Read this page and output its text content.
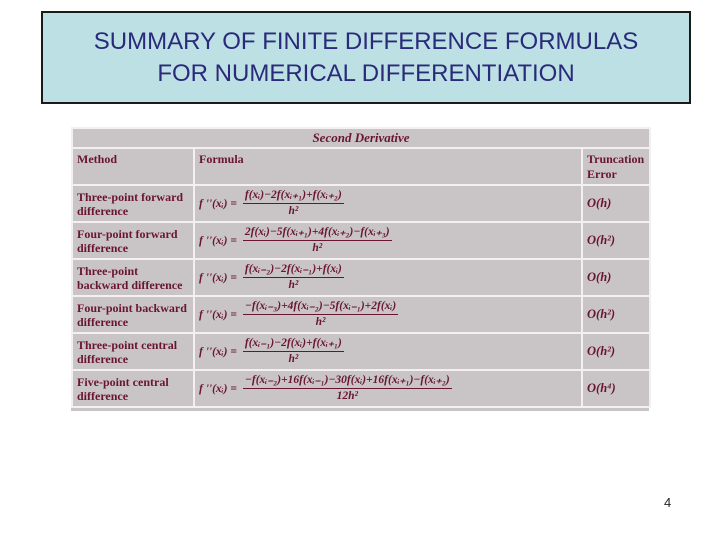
SUMMARY OF FINITE DIFFERENCE FORMULAS
FOR NUMERICAL DIFFERENTIATION
Second Derivative		
Method	Formula	Truncation Error
Three-point forward difference	f ''(xᵢ) = $\frac{\text{f(xᵢ)−2f(xᵢ₊₁)+f(xᵢ₊₂)}}{\text{h²}}$	O(h)
Four-point forward difference	f ''(xᵢ) = $\frac{\text{2f(xᵢ)−5f(xᵢ₊₁)+4f(xᵢ₊₂)−f(xᵢ₊₃)}}{\text{h²}}$	O(h²)
Three-point backward difference	f ''(xᵢ) = $\frac{\text{f(xᵢ₋₂)−2f(xᵢ₋₁)+f(xᵢ)}}{\text{h²}}$	O(h)
Four-point backward difference	f ''(xᵢ) = $\frac{\text{−f(xᵢ₋₃)+4f(xᵢ₋₂)−5f(xᵢ₋₁)+2f(xᵢ)}}{\text{h²}}$	O(h²)
Three-point central difference	f ''(xᵢ) = $\frac{\text{f(xᵢ₋₁)−2f(xᵢ)+f(xᵢ₊₁)}}{\text{h²}}$	O(h²)
Five-point central difference	f ''(xᵢ) = $\frac{\text{−f(xᵢ₋₂)+16f(xᵢ₋₁)−30f(xᵢ)+16f(xᵢ₊₁)−f(xᵢ₊₂)}}{\text{12h²}}$	O(h⁴)
4
